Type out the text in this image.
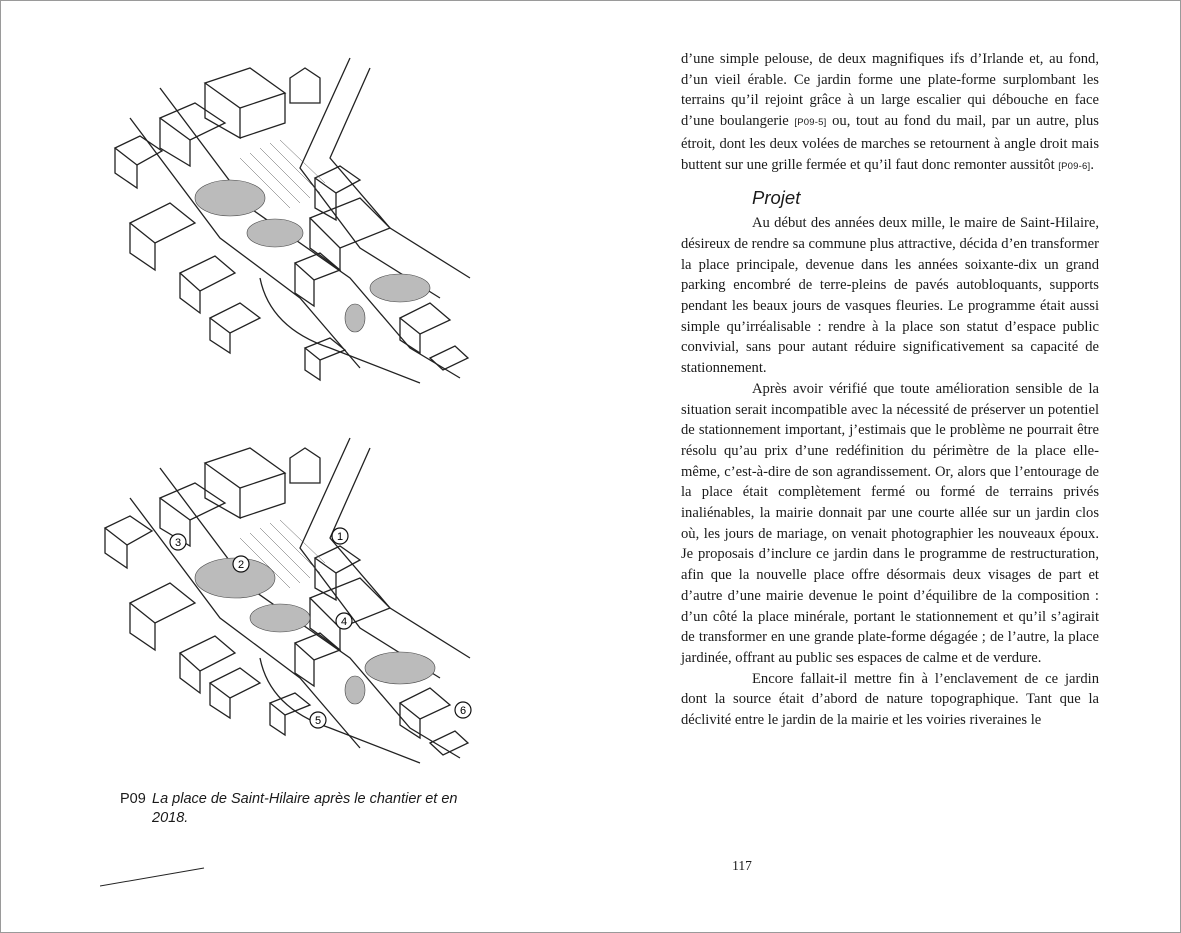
1
2
3
4
5
6
P09 La place de Saint-Hilaire après le chantier et en 2018.

d’une simple pelouse, de deux magnifiques ifs d’Irlande et, au fond, d’un vieil érable. Ce jardin forme une plate-forme surplombant les terrains qu’il rejoint grâce à un large escalier qui débouche en face d’une boulangerie [P09-5] ou, tout au fond du mail, par un autre, plus étroit, dont les deux volées de marches se retournent à angle droit mais buttent sur une grille fermée et qu’il faut donc remonter aussitôt [P09-6].

Projet

Au début des années deux mille, le maire de Saint-Hilaire, désireux de rendre sa commune plus attractive, décida d’en transformer la place principale, devenue dans les années soixante-dix un grand parking encombré de terre-pleins de pavés autobloquants, supports pendant les beaux jours de vasques fleuries. Le programme était aussi simple qu’irréalisable : rendre à la place son statut d’espace public convivial, sans pour autant réduire significativement sa capacité de stationnement.

Après avoir vérifié que toute amélioration sensible de la situation serait incompatible avec la nécessité de préserver un potentiel de stationnement important, j’estimais que le problème ne pourrait être résolu qu’au prix d’une redéfinition du périmètre de la place elle-même, c’est-à-dire de son agrandissement. Or, alors que l’entourage de la place était complètement fermé ou formé de terrains privés inaliénables, la mairie donnait par une courte allée sur un jardin clos où, les jours de mariage, on venait photographier les nouveaux époux. Je proposais d’inclure ce jardin dans le programme de restructuration, afin que la nouvelle place offre désormais deux visages de part et d’autre d’une mairie devenue le point d’équilibre de la composition : d’un côté la place minérale, portant le stationnement et qu’il s’agirait de transformer en une grande plate-forme dégagée ; de l’autre, la place jardinée, offrant au public ses espaces de calme et de verdure.

Encore fallait-il mettre fin à l’enclavement de ce jardin dont la source était d’abord de nature topographique. Tant que la déclivité entre le jardin de la mairie et les voiries riveraines le

117
